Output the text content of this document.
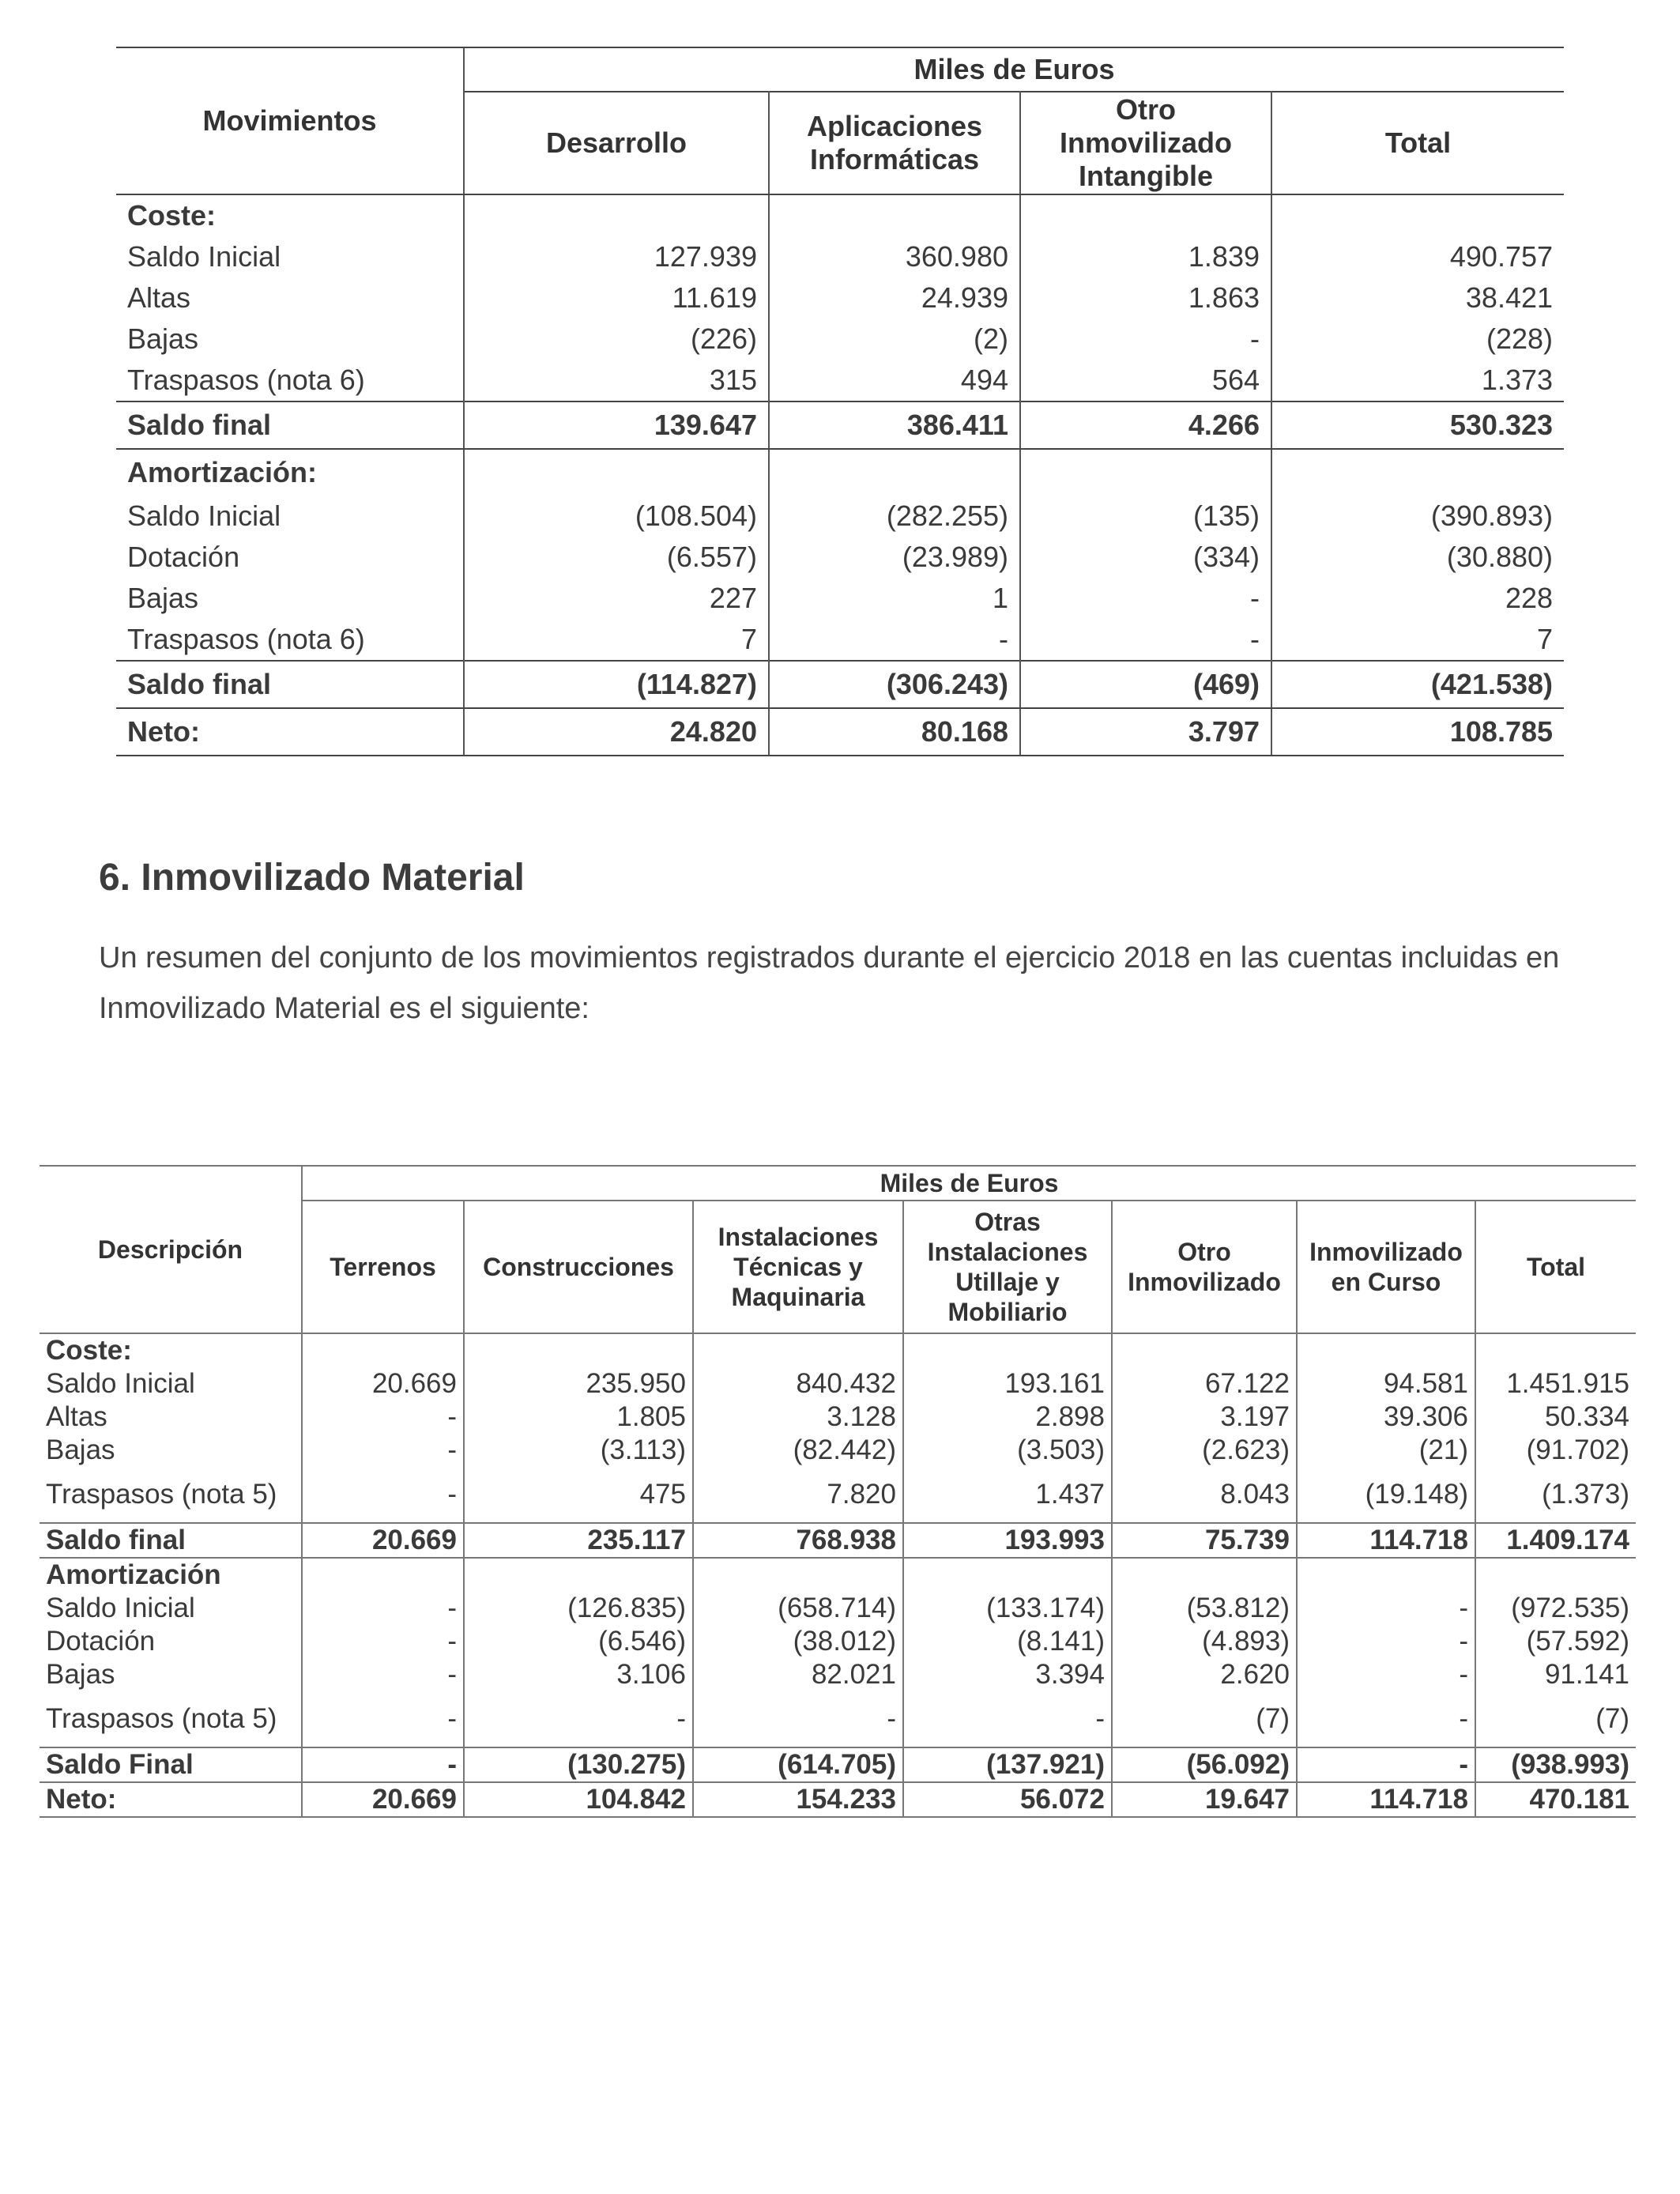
Movimientos	Miles de Euros			
	Desarrollo	Aplicaciones Informáticas	Otro Inmovilizado Intangible	Total
Coste:				
Saldo Inicial	127.939	360.980	1.839	490.757
Altas	11.619	24.939	1.863	38.421
Bajas	(226)	(2)	-	(228)
Traspasos (nota 6)	315	494	564	1.373
Saldo final	139.647	386.411	4.266	530.323
Amortización:				
Saldo Inicial	(108.504)	(282.255)	(135)	(390.893)
Dotación	(6.557)	(23.989)	(334)	(30.880)
Bajas	227	1	-	228
Traspasos (nota 6)	7	-	-	7
Saldo final	(114.827)	(306.243)	(469)	(421.538)
Neto:	24.820	80.168	3.797	108.785
6. Inmovilizado Material

Un resumen del conjunto de los movimientos registrados durante el ejercicio 2018 en las cuentas incluidas en Inmovilizado Material es el siguiente:

Descripción	Miles de Euros						
	Terrenos	Construcciones	Instalaciones Técnicas y Maquinaria	Otras Instalaciones Utillaje y Mobiliario	Otro Inmovilizado	Inmovilizado en Curso	Total
Coste:							
Saldo Inicial	20.669	235.950	840.432	193.161	67.122	94.581	1.451.915
Altas	-	1.805	3.128	2.898	3.197	39.306	50.334
Bajas	-	(3.113)	(82.442)	(3.503)	(2.623)	(21)	(91.702)
Traspasos (nota 5)	-	475	7.820	1.437	8.043	(19.148)	(1.373)
Saldo final	20.669	235.117	768.938	193.993	75.739	114.718	1.409.174
Amortización							
Saldo Inicial	-	(126.835)	(658.714)	(133.174)	(53.812)	-	(972.535)
Dotación	-	(6.546)	(38.012)	(8.141)	(4.893)	-	(57.592)
Bajas	-	3.106	82.021	3.394	2.620	-	91.141
Traspasos (nota 5)	-	-	-	-	(7)	-	(7)
Saldo Final	-	(130.275)	(614.705)	(137.921)	(56.092)	-	(938.993)
Neto:	20.669	104.842	154.233	56.072	19.647	114.718	470.181
